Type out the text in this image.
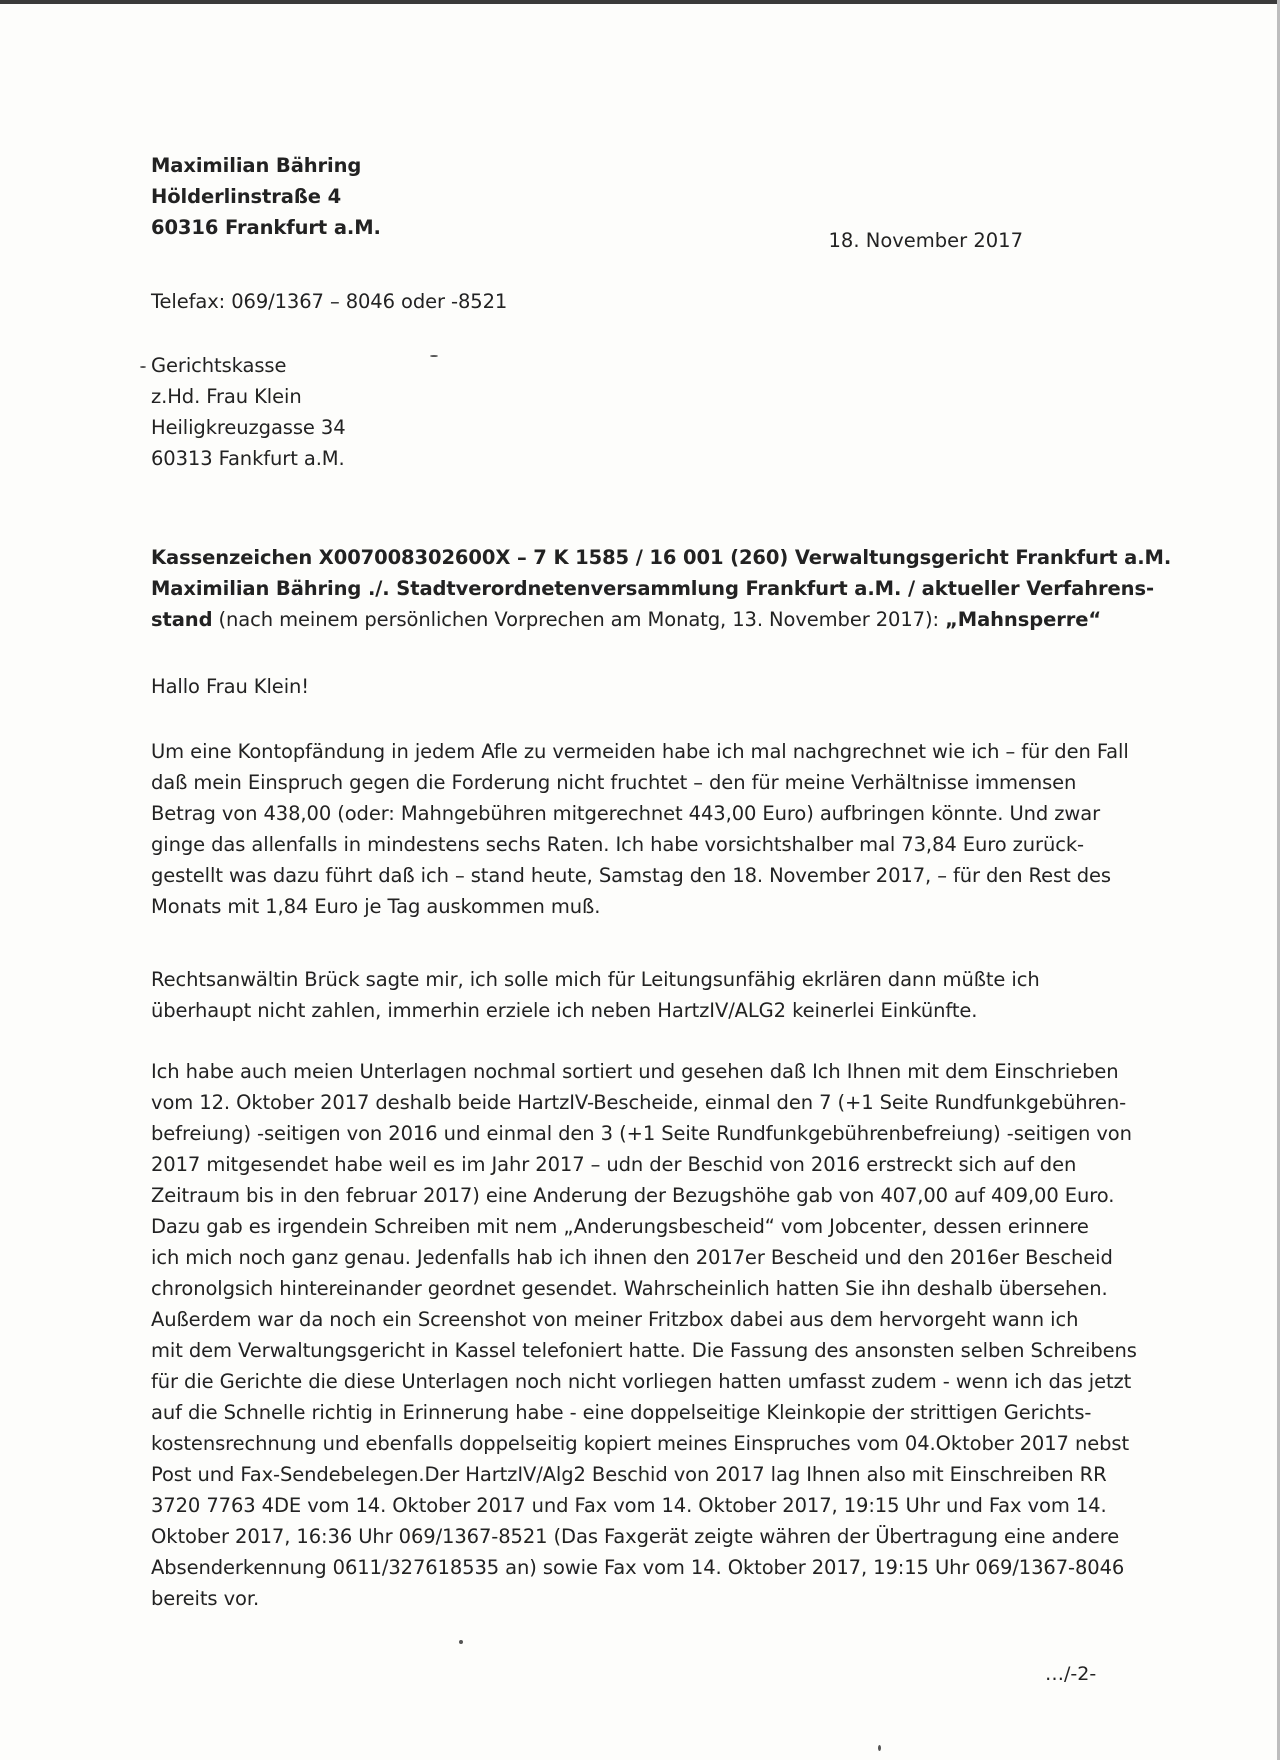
Maximilian Bähring
Hölderlinstraße 4
60316 Frankfurt a.M.
18. November 2017
Telefax: 069/1367 – 8046 oder -8521
Gerichtskasse
z.Hd. Frau Klein
Heiligkreuzgasse 34
60313 Fankfurt a.M.
Kassenzeichen X007008302600X – 7 K 1585 / 16 001 (260) Verwaltungsgericht Frankfurt a.M.
Maximilian Bähring ./. Stadtverordnetenversammlung Frankfurt a.M. / aktueller Verfahrens-
stand (nach meinem persönlichen Vorprechen am Monatg, 13. November 2017): „Mahnsperre“
Hallo Frau Klein!
Um eine Kontopfändung in jedem Afle zu vermeiden habe ich mal nachgrechnet wie ich – für den Fall
daß mein Einspruch gegen die Forderung nicht fruchtet – den für meine Verhältnisse immensen
Betrag von 438,00 (oder: Mahngebühren mitgerechnet 443,00 Euro) aufbringen könnte. Und zwar
ginge das allenfalls in mindestens sechs Raten. Ich habe vorsichtshalber mal 73,84 Euro zurück-
gestellt was dazu führt daß ich – stand heute, Samstag den 18. November 2017, – für den Rest des
Monats mit 1,84 Euro je Tag auskommen muß.
Rechtsanwältin Brück sagte mir, ich solle mich für Leitungsunfähig ekrlären dann müßte ich
überhaupt nicht zahlen, immerhin erziele ich neben HartzIV/ALG2 keinerlei Einkünfte.
Ich habe auch meien Unterlagen nochmal sortiert und gesehen daß Ich Ihnen mit dem Einschrieben
vom 12. Oktober 2017 deshalb beide HartzIV-Bescheide, einmal den 7 (+1 Seite Rundfunkgebühren-
befreiung) -seitigen von 2016 und einmal den 3 (+1 Seite Rundfunkgebührenbefreiung) -seitigen von
2017 mitgesendet habe weil es im Jahr 2017 – udn der Beschid von 2016 erstreckt sich auf den
Zeitraum bis in den februar 2017) eine Anderung der Bezugshöhe gab von 407,00 auf 409,00 Euro.
Dazu gab es irgendein Schreiben mit nem „Anderungsbescheid“ vom Jobcenter, dessen erinnere
ich mich noch ganz genau. Jedenfalls hab ich ihnen den 2017er Bescheid und den 2016er Bescheid
chronolgsich hintereinander geordnet gesendet. Wahrscheinlich hatten Sie ihn deshalb übersehen.
Außerdem war da noch ein Screenshot von meiner Fritzbox dabei aus dem hervorgeht wann ich
mit dem Verwaltungsgericht in Kassel telefoniert hatte. Die Fassung des ansonsten selben Schreibens
für die Gerichte die diese Unterlagen noch nicht vorliegen hatten umfasst zudem - wenn ich das jetzt
auf die Schnelle richtig in Erinnerung habe - eine doppelseitige Kleinkopie der strittigen Gerichts-
kostensrechnung und ebenfalls doppelseitig kopiert meines Einspruches vom 04.Oktober 2017 nebst
Post und Fax-Sendebelegen.Der HartzIV/Alg2 Beschid von 2017 lag Ihnen also mit Einschreiben RR
3720 7763 4DE vom 14. Oktober 2017 und Fax vom 14. Oktober 2017, 19:15 Uhr und Fax vom 14.
Oktober 2017, 16:36 Uhr 069/1367-8521 (Das Faxgerät zeigte währen der Übertragung eine andere
Absenderkennung 0611/327618535 an) sowie Fax vom 14. Oktober 2017, 19:15 Uhr 069/1367-8046
bereits vor.
…/-2-
